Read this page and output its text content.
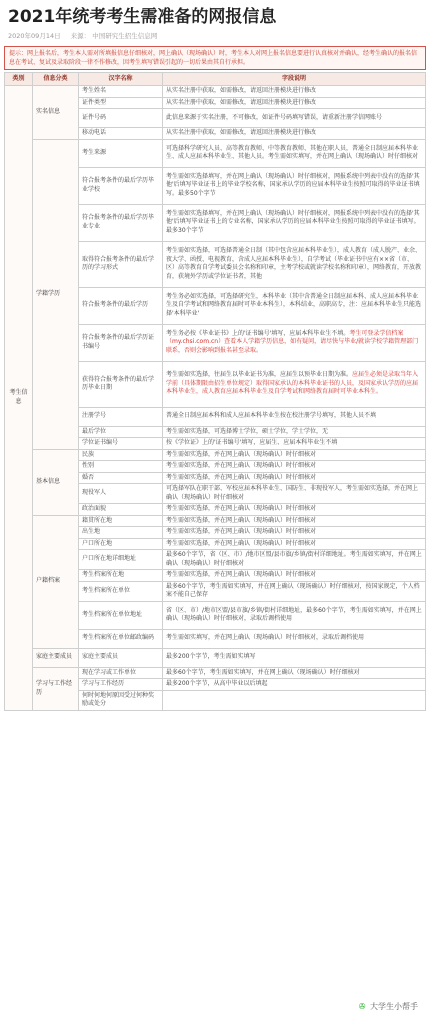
2021年统考考生需准备的网报信息
2020年09月14日 来源： 中国研究生招生信息网
提示：网上报名后，考生本人需对所填报信息仔细核对，网上确认（现场确认）时，考生本人对网上报名信息要进行认真核对并确认，经考生确认的报名信息在考试、复试及录取阶段一律不作修改，因考生填写错误引起的一切后果由其自行承担。
类别	信息分类	汉字名称	字段说明
考生信息	实名信息	考生姓名	从实名注册中获取，如需修改，请返回注册模块进行修改
		证件类型	从实名注册中获取，如需修改，请返回注册模块进行修改
		证件号码	此信息来源于实名注册，不可修改，如证件号码填写错误，请重新注册学信网账号
		移动电话	从实名注册中获取，如需修改，请返回注册模块进行修改
	学籍学历	考生来源	可选择科学研究人员、高等教育教师、中等教育教师、其他在职人员，普通全日制应届本科毕业生、成人应届本科毕业生、其他人员。考生需如实填写，并在网上确认（现场确认）时仔细核对
		符合报考条件的最后学历毕业学校	考生需如实选择填写，并在网上确认（现场确认）时仔细核对，网报系统中列表中没有的选择'其他'后填写毕业证书上的毕业学校名称，国家承认学历的应届本科毕业生按照可取得的毕业证书填写。最多50个字节
		符合报考条件的最后学历毕业专业	考生需如实选择填写，并在网上确认（现场确认）时仔细核对，网报系统中列表中没有的选择'其他'后填写毕业证书上的专业名称，国家承认学历的应届本科毕业生按照可取得的毕业证书填写。最多30个字节
		取得符合报考条件的最后学历的学习形式	考生需如实选择，可选择普通全日制（其中包含应届本科毕业生），成人教育（成人脱产、业余、夜大学、函授、电视教育，含成人应届本科毕业生），自学考试（毕业证书中应有××省（市、区）高等教育自学考试委员会名称和印章，主考学校或就读学校名称和印章），网络教育，开放教育，获境外学历或学位证书者，其他
		符合报考条件的最后学历	考生务必如实选择，可选择研究生，本科毕业（其中含普通全日制应届本科、成人应届本科毕业生及自学考试和网络教育届时可毕业本科生），本科结业，高职高专，注：应届本科毕业生只能选择'本科毕业'
		符合报考条件的最后学历证书编号	考生务必按《毕业证书》上的'证书编号'填写，应届本科毕业生不填。考生可登录学信档案（my.chsi.com.cn）查看本人学籍学历信息，如有疑问，请尽快与毕业/就读学校学籍管理部门联系，否则会影响到报名甚至录取。
		获得符合报考条件的最后学历毕业日期	考生需如实选择，往届生以毕业证书为准，应届生以预毕业日期为准。应届生必须是录取当年入学前（具体期限由招生单位规定）取得国家承认的本科毕业证书的人员，及国家承认学历的应届本科毕业生，成人教育应届本科毕业生及自学考试和网络教育届时可毕业本科生。
		注册学号	普通全日制应届本科和成人应届本科毕业生按在校注册学号填写，其他人员不填
		最后学位	考生需如实选择，可选择博士学位，硕士学位，学士学位，无
		学位证书编号	按《学位证》上的'证书编号'填写，应届生、应届本科毕业生不填
	基本信息	民族	考生需如实选择，并在网上确认（现场确认）时仔细核对
		性别	考生需如实选择，并在网上确认（现场确认）时仔细核对
		婚否	考生需如实选择，并在网上确认（现场确认）时仔细核对
		现役军人	可选择军队在职干部、军校应届本科毕业生、国防生、非现役军人，考生需如实选择，并在网上确认（现场确认）时仔细核对
		政治面貌	考生需如实选择，并在网上确认（现场确认）时仔细核对
	户籍档案	籍贯所在地	考生需如实选择，并在网上确认（现场确认）时仔细核对
		出生地	考生需如实选择，并在网上确认（现场确认）时仔细核对
		户口所在地	考生需如实选择，并在网上确认（现场确认）时仔细核对
		户口所在地详细地址	最多60个字节，省（区、市）/地市区盟/县市旗/乡镇/街村详细地址。考生需如实填写，并在网上确认（现场确认）时仔细核对
		考生档案所在地	考生需如实选择，并在网上确认（现场确认）时仔细核对
		考生档案所在单位	最多60个字节，考生需如实填写，并在网上确认（现场确认）时仔细核对，按国家规定，个人档案不能自己保存
		考生档案所在单位地址	省（区、市）/地市区盟/县市旗/乡镇/街村详细地址，最多60个字节，考生需如实填写，并在网上确认（现场确认）时仔细核对，录取后调档使用
		考生档案所在单位邮政编码	考生需如实填写，并在网上确认（现场确认）时仔细核对，录取后调档使用
	家庭主要成员	家庭主要成员	最多200个字节，考生需如实填写
	学习与工作经历	现在学习或工作单位	最多60个字节，考生需如实填写，并在网上确认（现场确认）时仔细核对
		学习与工作经历	最多200个字节，从高中毕业以后填起
		何时何地何原因受过何种奖励或处分	
✇ 大学生小帮手
